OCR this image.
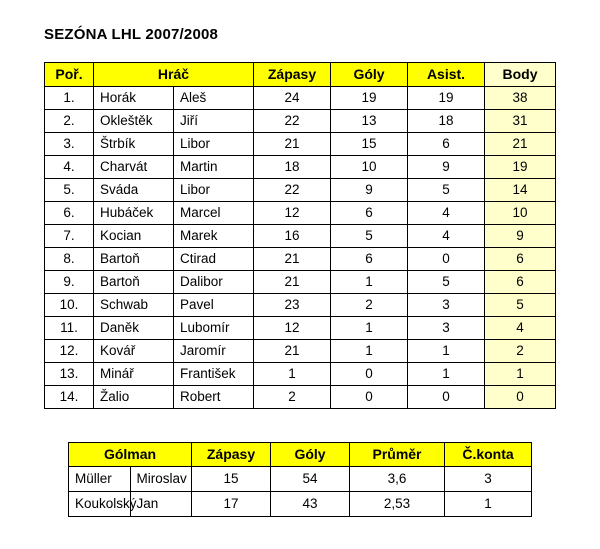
SEZÓNA LHL 2007/2008
Poř.	Hráč		Zápasy	Góly	Asist.	Body
1.	Horák	Aleš	24	19	19	38
2.	Okleštěk	Jiří	22	13	18	31
3.	Štrbík	Libor	21	15	6	21
4.	Charvát	Martin	18	10	9	19
5.	Sváda	Libor	22	9	5	14
6.	Hubáček	Marcel	12	6	4	10
7.	Kocian	Marek	16	5	4	9
8.	Bartoň	Ctirad	21	6	0	6
9.	Bartoň	Dalibor	21	1	5	6
10.	Schwab	Pavel	23	2	3	5
11.	Daněk	Lubomír	12	1	3	4
12.	Kovář	Jaromír	21	1	1	2
13.	Minář	František	1	0	1	1
14.	Žalio	Robert	2	0	0	0
Gólman		Zápasy	Góly	Průměr	Č.konta
Müller	Miroslav	15	54	3,6	3
Koukolský	Jan	17	43	2,53	1
